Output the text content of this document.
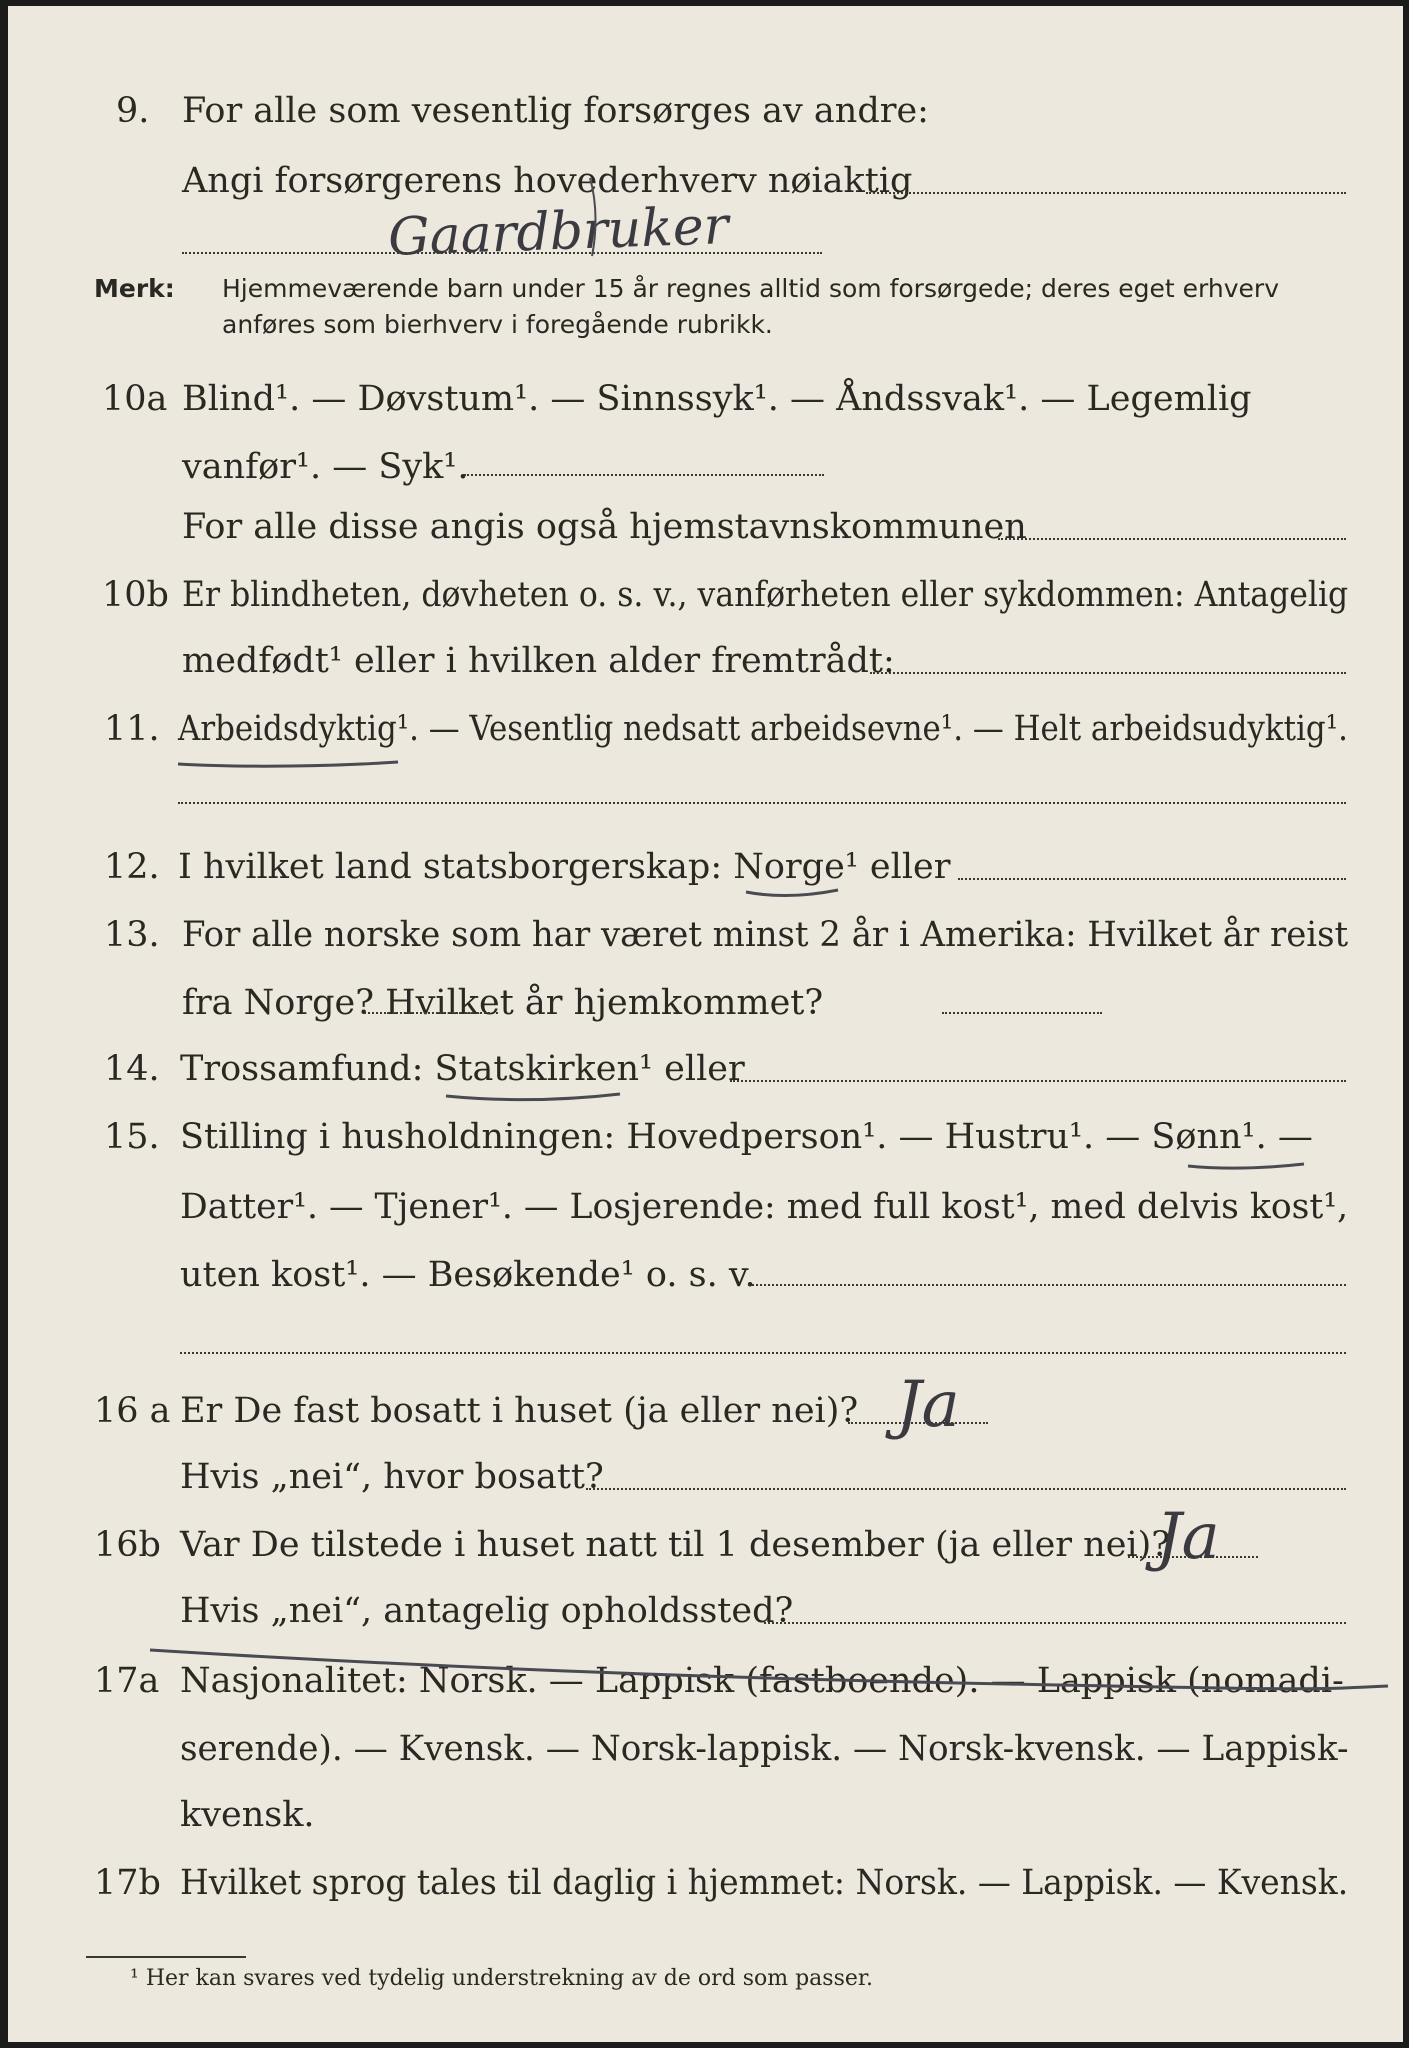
9. For alle som vesentlig forsørges av andre:
Angi forsørgerens hovederhverv nøiaktig
Gaardbruker
Merk: Hjemmeværende barn under 15 år regnes alltid som forsørgede; deres eget erhverv
anføres som bierhverv i foregående rubrikk.
10a Blind¹. — Døvstum¹. — Sinnssyk¹. — Åndssvak¹. — Legemlig
vanfør¹. — Syk¹.
For alle disse angis også hjemstavnskommunen
10b Er blindheten, døvheten o. s. v., vanførheten eller sykdommen: Antagelig
medfødt¹ eller i hvilken alder fremtrådt:
11. Arbeidsdyktig¹. — Vesentlig nedsatt arbeidsevne¹. — Helt arbeidsudyktig¹.
12. I hvilket land statsborgerskap: Norge¹ eller
13. For alle norske som har været minst 2 år i Amerika: Hvilket år reist
fra Norge? Hvilket år hjemkommet?
14. Trossamfund: Statskirken¹ eller
15. Stilling i husholdningen: Hovedperson¹. — Hustru¹. — Sønn¹. —
Datter¹. — Tjener¹. — Losjerende: med full kost¹, med delvis kost¹,
uten kost¹. — Besøkende¹ o. s. v.
16 a Er De fast bosatt i huset (ja eller nei)? Ja
Hvis „nei“, hvor bosatt?
16b Var De tilstede i huset natt til 1 desember (ja eller nei)?
Ja
Hvis „nei“, antagelig opholdssted?
17a Nasjonalitet: Norsk. — Lappisk (fastboende). — Lappisk (nomadi-
serende). — Kvensk. — Norsk-lappisk. — Norsk-kvensk. — Lappisk-
kvensk.
17b Hvilket sprog tales til daglig i hjemmet: Norsk. — Lappisk. — Kvensk.
¹ Her kan svares ved tydelig understrekning av de ord som passer.
